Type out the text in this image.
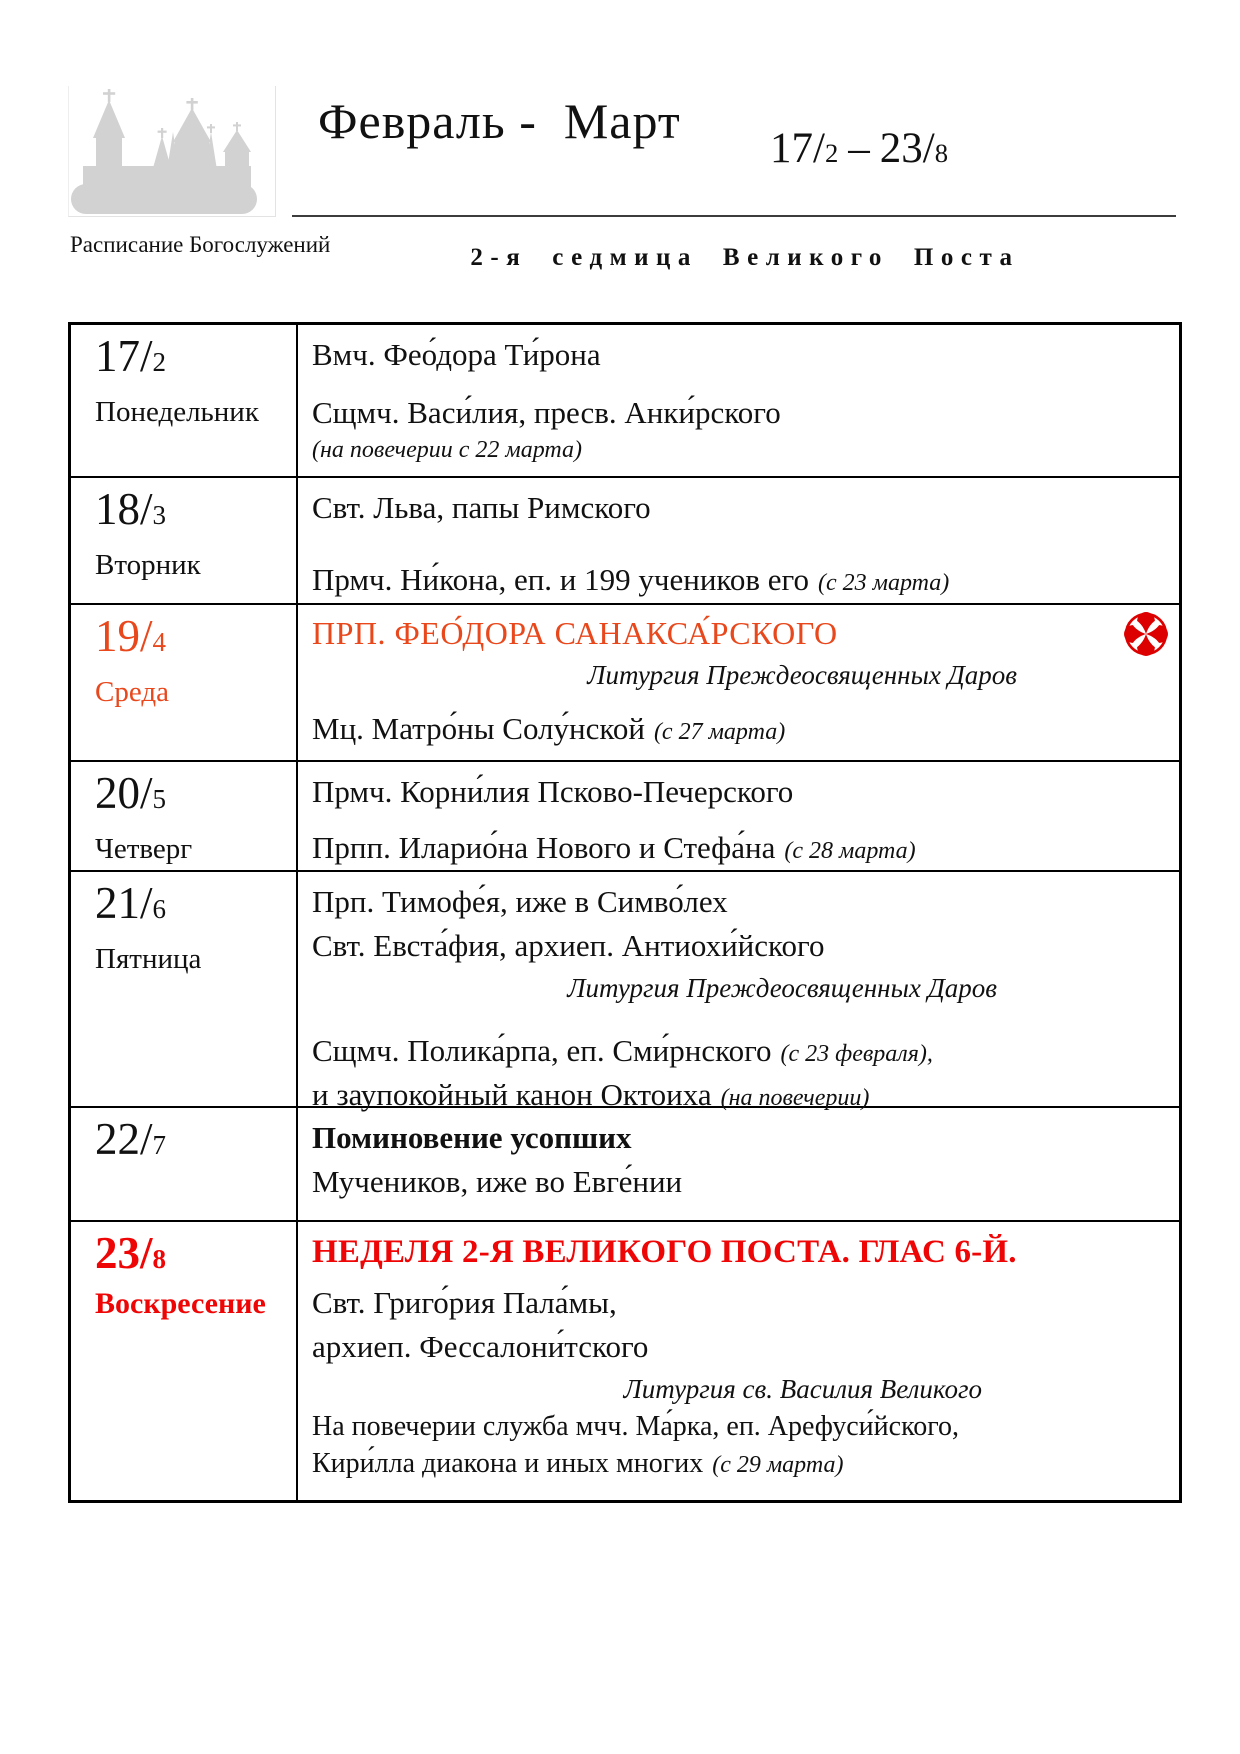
Расписание Богослужений
Февраль -  Март 17/2 – 23/8
2-я седмица Великого Поста
17/2
Понедельник
Вмч. Фео́дора Ти́рона
Сщмч. Васи́лия, пресв. Анки́рского
(на повечерии с 22 марта)
18/3
Вторник
Свт. Льва, папы Римского
Прмч. Ни́кона, еп. и 199 учеников его (с 23 марта)
19/4
Среда
ПРП. ФЕО́ДОРА САНАКСА́РСКОГО
Литургия Преждеосвященных Даров
Мц. Матро́ны Солу́нской (с 27 марта)
20/5
Четверг
Прмч. Корни́лия Псково-Печерского
Прпп. Иларио́на Нового и Стефа́на (с 28 марта)
21/6
Пятница
Прп. Тимофе́я, иже в Симво́лех
Свт. Евста́фия, архиеп. Антиохи́йского
Литургия Преждеосвященных Даров
Сщмч. Полика́рпа, еп. Сми́рнского (с 23 февраля),
и заупокойный канон Октоиха (на повечерии)
22/7	Поминовение усопших
Мучеников, иже во Евге́нии
23/8
Воскресение
НЕДЕЛЯ 2-Я ВЕЛИКОГО ПОСТА. ГЛАС 6-Й.
Свт. Григо́рия Пала́мы,
архиеп. Фессалони́тского
Литургия св. Василия Великого
На повечерии служба мчч. Ма́рка, еп. Арефуси́йского,
Кири́лла диакона и иных многих (с 29 марта)
